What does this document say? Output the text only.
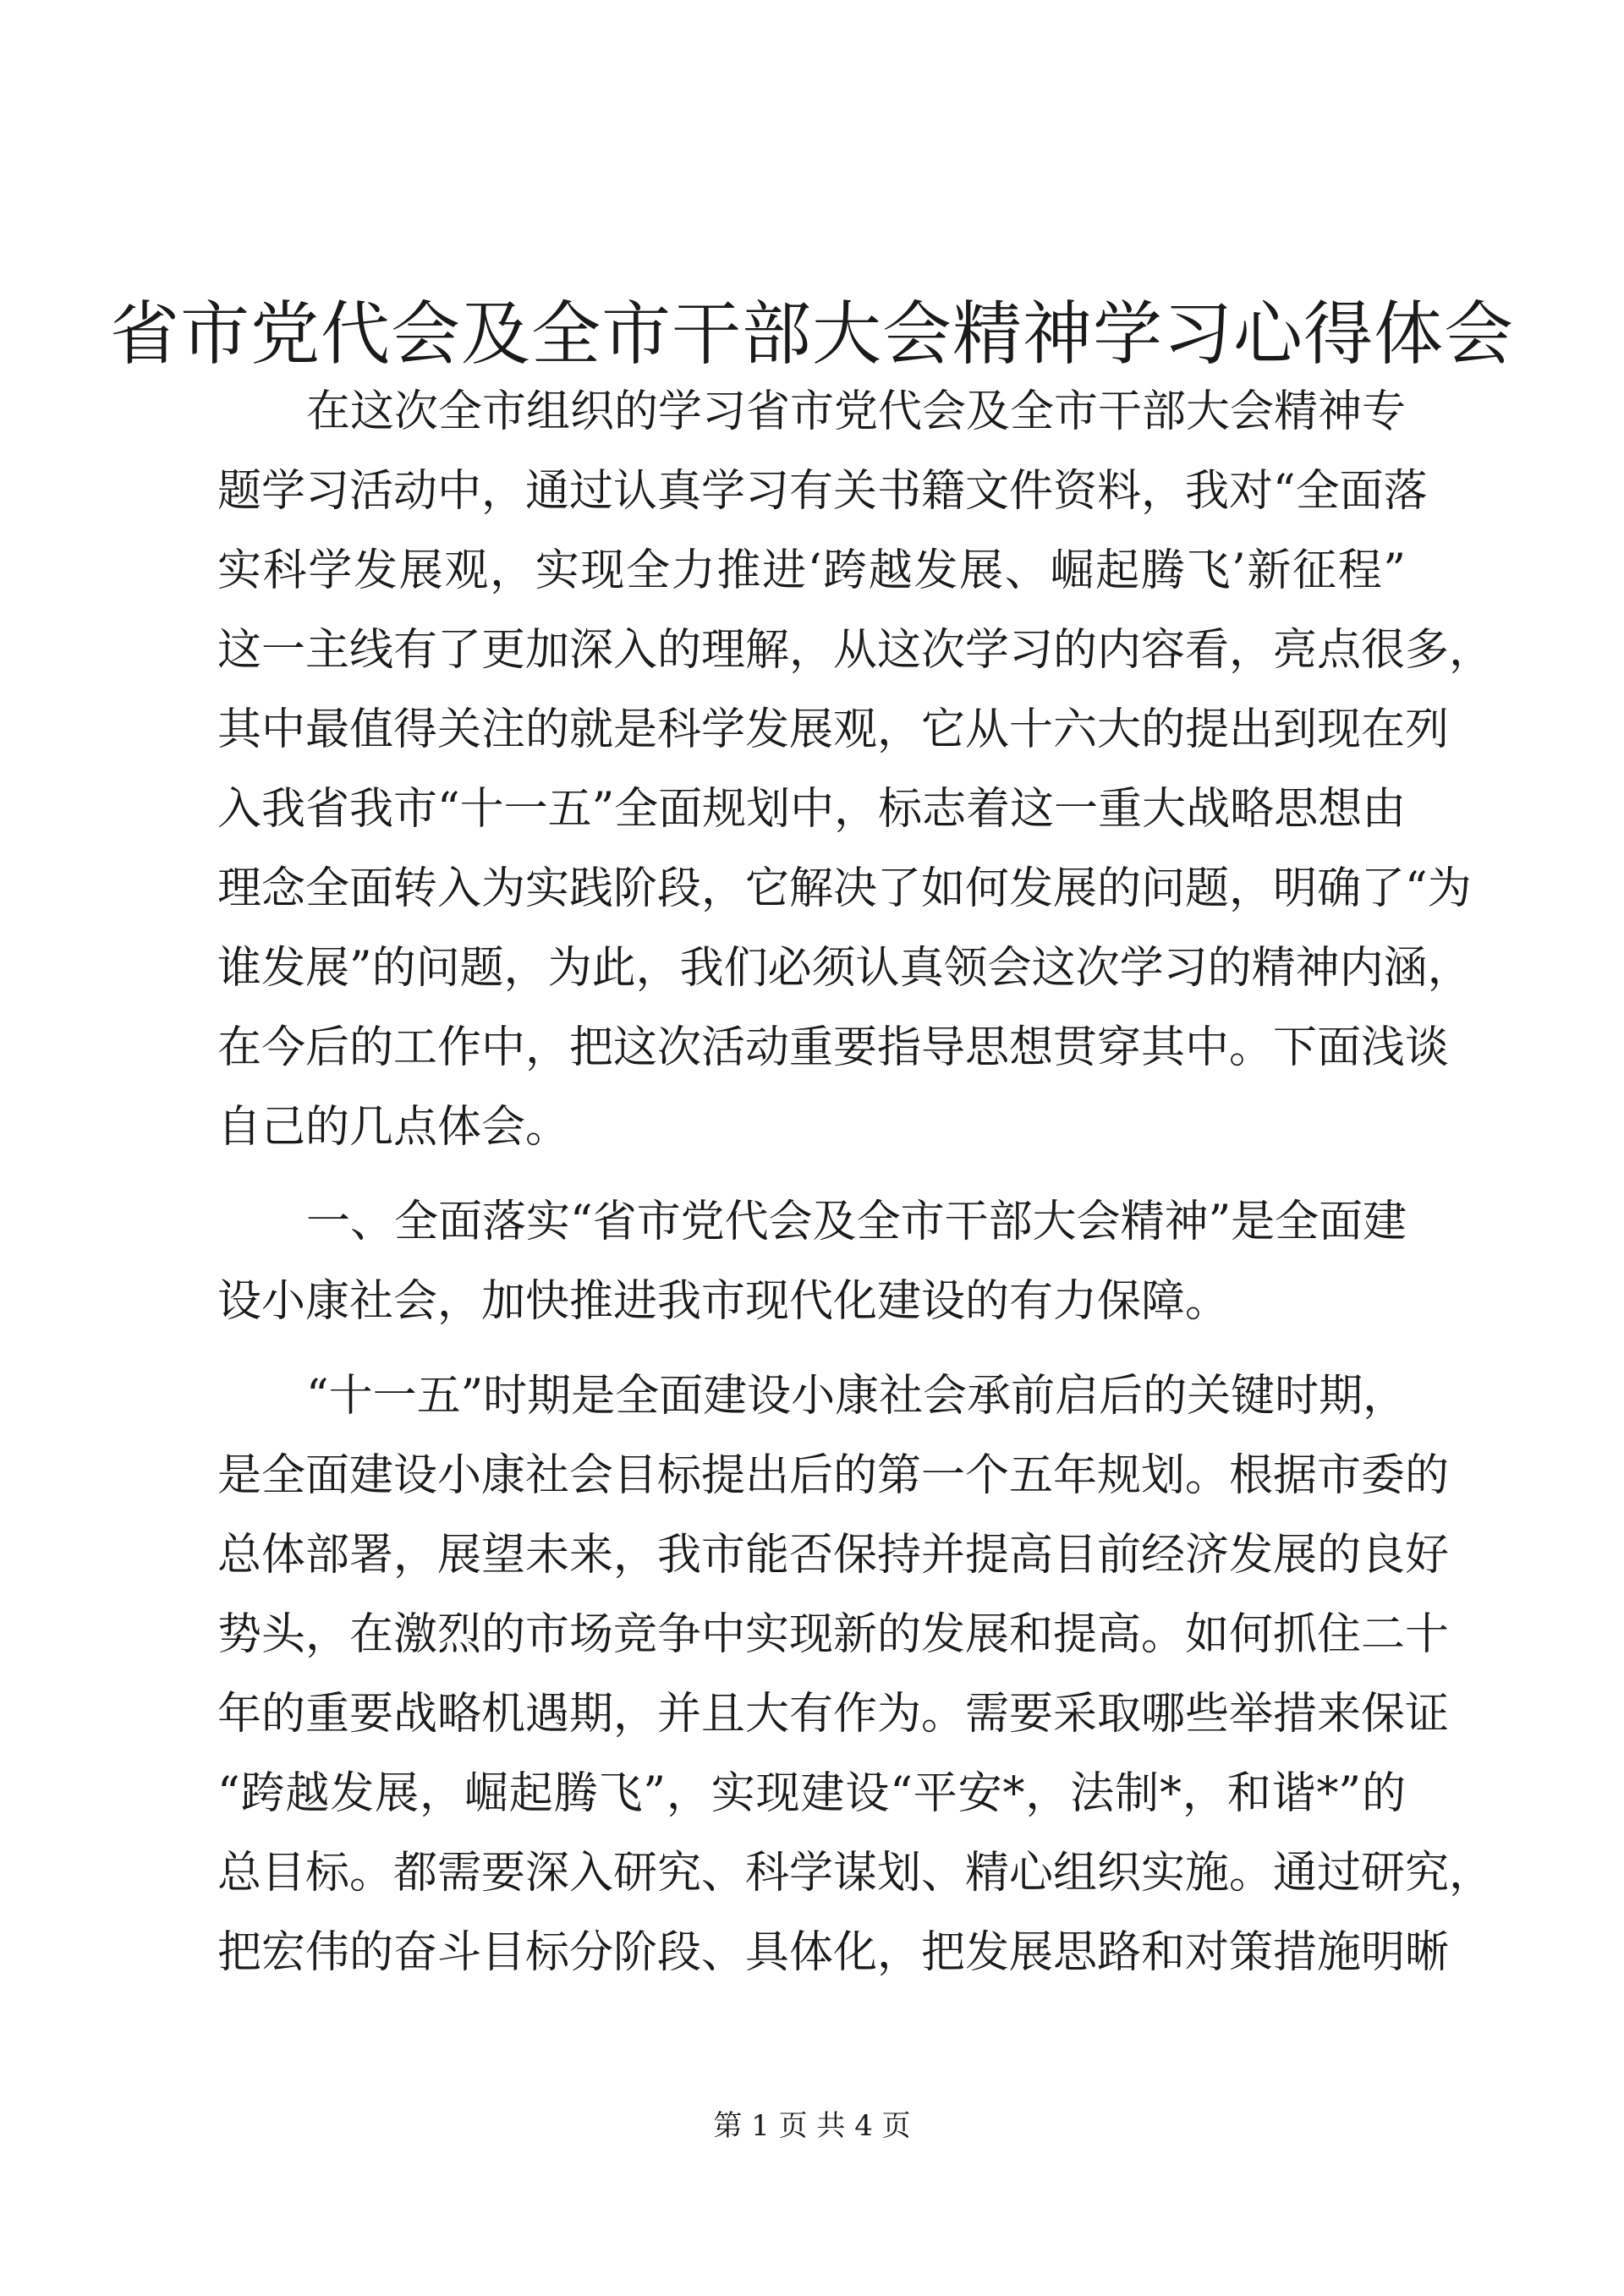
省市党代会及全市干部大会精神学习心得体会
在这次全市组织的学习省市党代会及全市干部大会精神专
题学习活动中，通过认真学习有关书籍文件资料，我对“全面落
实科学发展观，实现全力推进‘跨越发展、崛起腾飞’新征程”
这一主线有了更加深入的理解，从这次学习的内容看，亮点很多，
其中最值得关注的就是科学发展观，它从十六大的提出到现在列
入我省我市“十一五”全面规划中，标志着这一重大战略思想由
理念全面转入为实践阶段，它解决了如何发展的问题，明确了“为
谁发展”的问题，为此，我们必须认真领会这次学习的精神内涵，
在今后的工作中，把这次活动重要指导思想贯穿其中。下面浅谈
自己的几点体会。
一、全面落实“省市党代会及全市干部大会精神”是全面建
设小康社会，加快推进我市现代化建设的有力保障。
“十一五”时期是全面建设小康社会承前启后的关键时期，
是全面建设小康社会目标提出后的第一个五年规划。根据市委的
总体部署，展望未来，我市能否保持并提高目前经济发展的良好
势头，在激烈的市场竞争中实现新的发展和提高。如何抓住二十
年的重要战略机遇期，并且大有作为。需要采取哪些举措来保证
“跨越发展，崛起腾飞”，实现建设“平安*，法制*，和谐*”的
总目标。都需要深入研究、科学谋划、精心组织实施。通过研究，
把宏伟的奋斗目标分阶段、具体化，把发展思路和对策措施明晰
第 1 页 共 4 页
